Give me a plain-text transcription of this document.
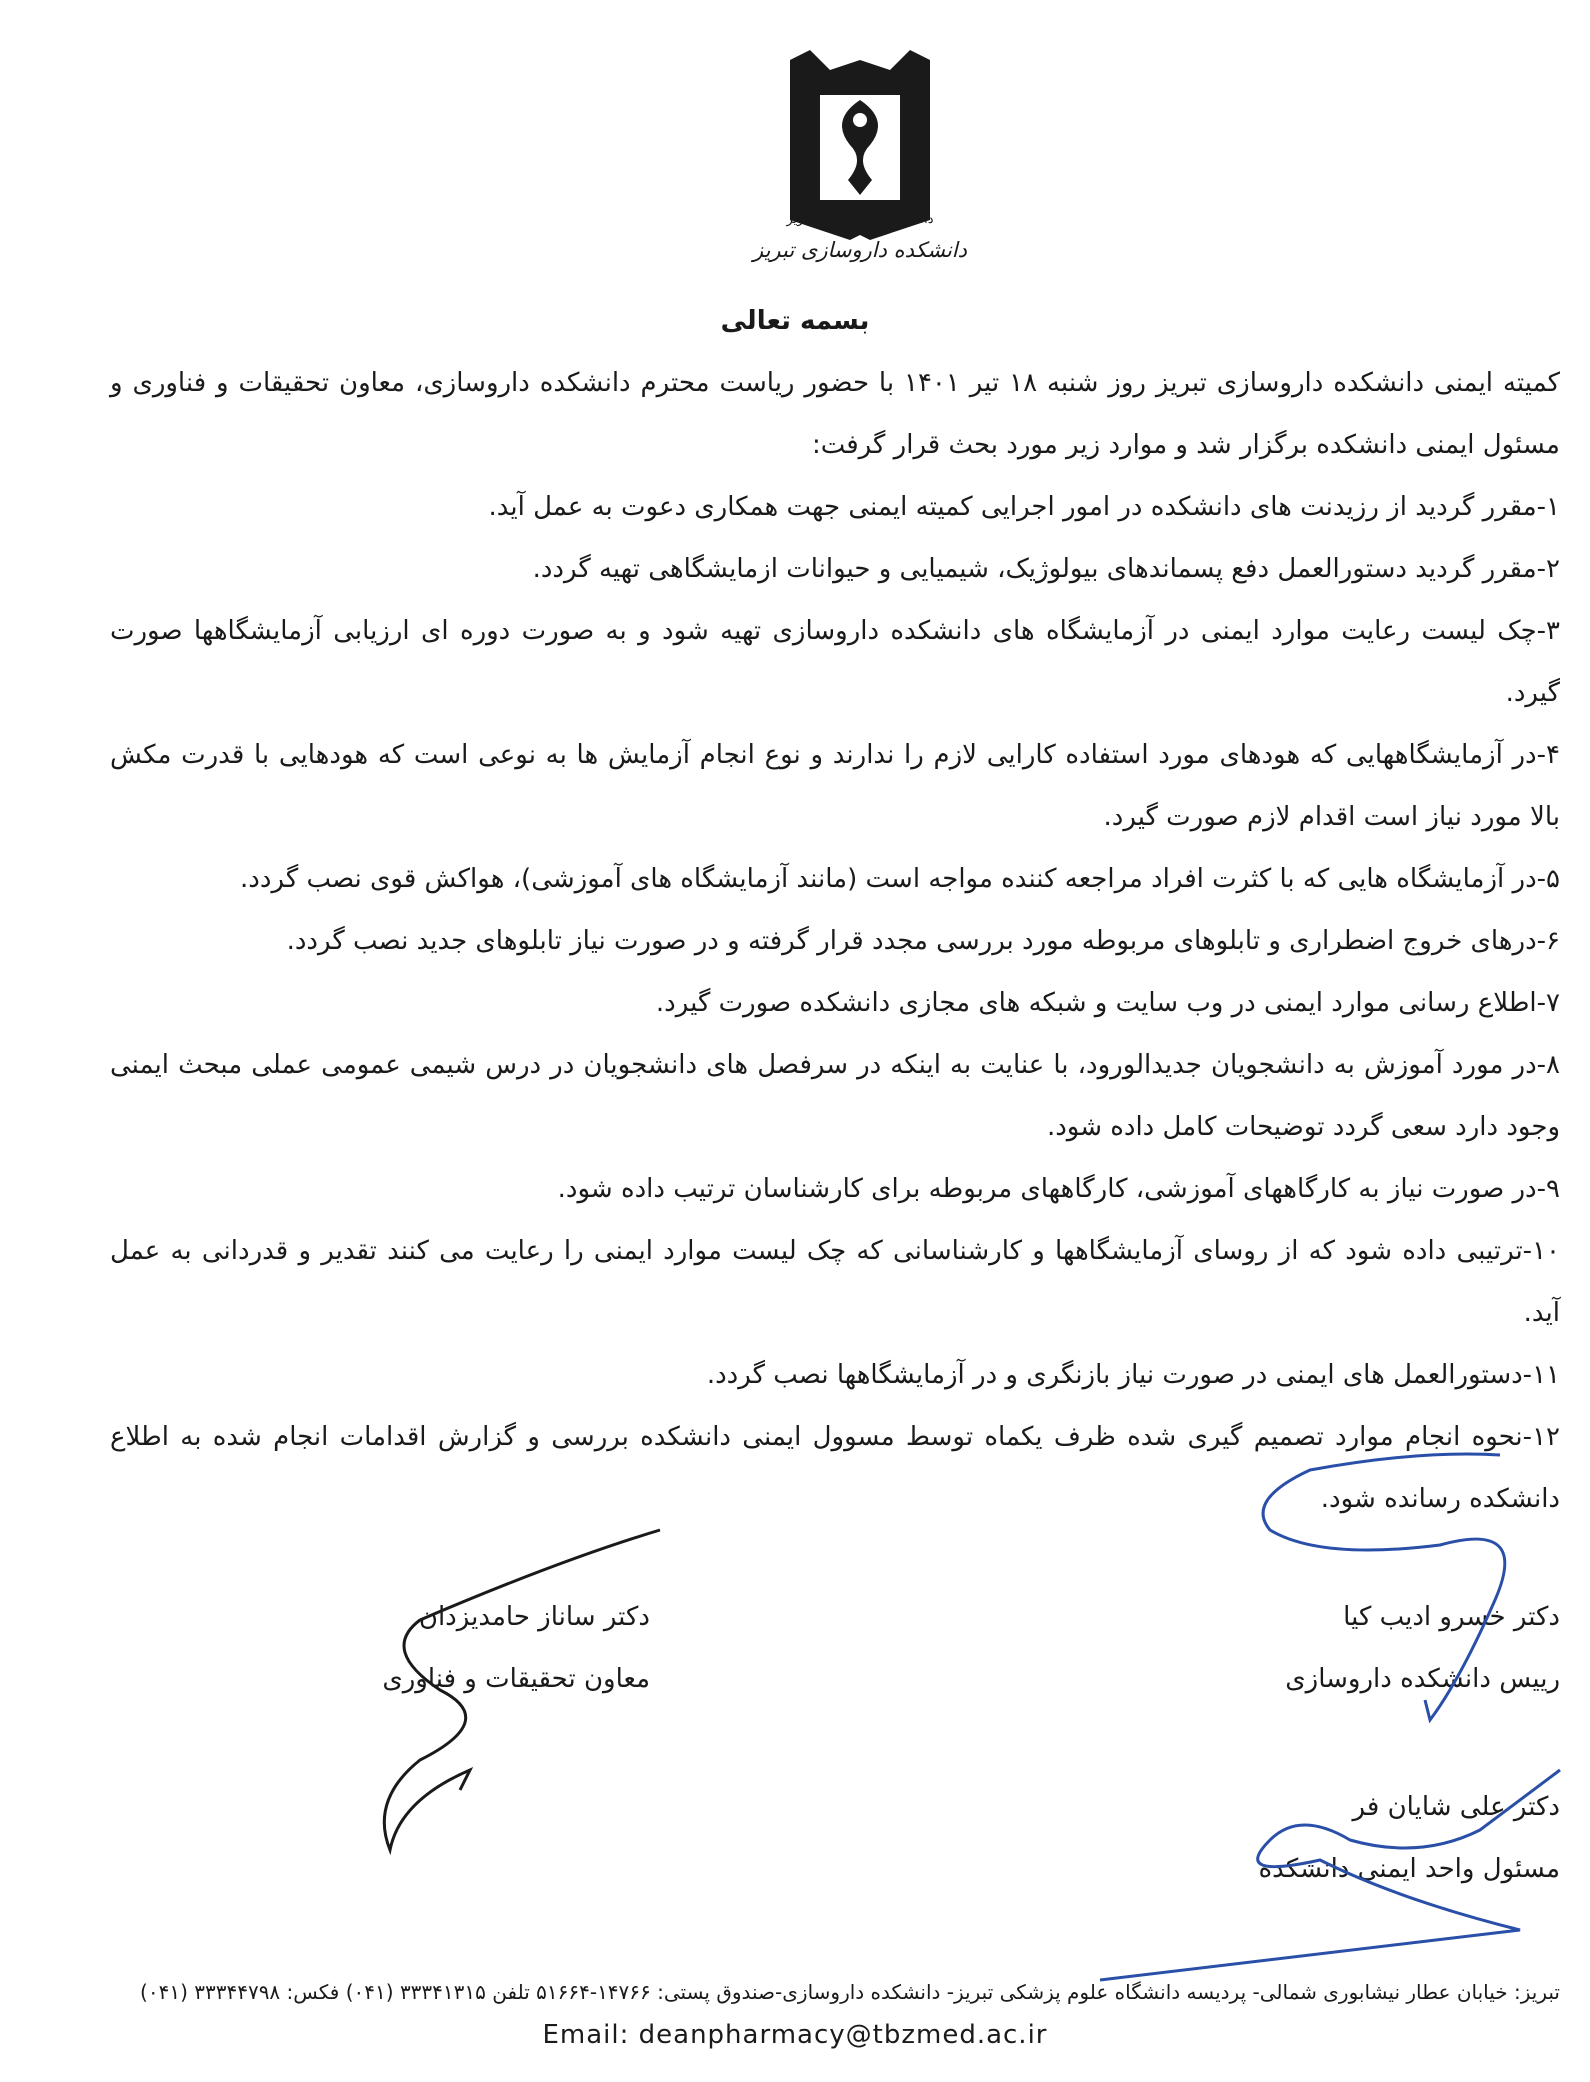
دانشگاه علوم پزشکی تبریز
دانشکده داروسازی تبریز
بسمه تعالی

کمیته ایمنی دانشکده داروسازی تبریز روز شنبه ۱۸ تیر ۱۴۰۱ با حضور ریاست محترم دانشکده داروسازی، معاون تحقیقات و فناوری و مسئول ایمنی دانشکده برگزار شد و موارد زیر مورد بحث قرار گرفت:

۱-مقرر گردید از رزیدنت های دانشکده در امور اجرایی کمیته ایمنی جهت همکاری دعوت به عمل آید.

۲-مقرر گردید دستورالعمل دفع پسماندهای بیولوژیک، شیمیایی و حیوانات ازمایشگاهی تهیه گردد.

۳-چک لیست رعایت موارد ایمنی در آزمایشگاه های دانشکده داروسازی تهیه شود و به صورت دوره ای ارزیابی آزمایشگاهها صورت گیرد.

۴-در آزمایشگاههایی که هودهای مورد استفاده کارایی لازم را ندارند و نوع انجام آزمایش ها به نوعی است که هودهایی با قدرت مکش بالا مورد نیاز است اقدام لازم صورت گیرد.

۵-در آزمایشگاه هایی که با کثرت افراد مراجعه کننده مواجه است (مانند آزمایشگاه های آموزشی)، هواکش قوی نصب گردد.

۶-درهای خروج اضطراری و تابلوهای مربوطه مورد بررسی مجدد قرار گرفته و در صورت نیاز تابلوهای جدید نصب گردد.

۷-اطلاع رسانی موارد ایمنی در وب سایت و شبکه های مجازی دانشکده صورت گیرد.

۸-در مورد آموزش به دانشجویان جدیدالورود، با عنایت به اینکه در سرفصل های دانشجویان در درس شیمی عمومی عملی مبحث ایمنی وجود دارد سعی گردد توضیحات کامل داده شود.

۹-در صورت نیاز به کارگاههای آموزشی، کارگاههای مربوطه برای کارشناسان ترتیب داده شود.

۱۰-ترتیبی داده شود که از روسای آزمایشگاهها و کارشناسانی که چک لیست موارد ایمنی را رعایت می کنند تقدیر و قدردانی به عمل آید.

۱۱-دستورالعمل های ایمنی در صورت نیاز بازنگری و در آزمایشگاهها نصب گردد.

۱۲-نحوه انجام موارد تصمیم گیری شده ظرف یکماه توسط مسوول ایمنی دانشکده بررسی و گزارش اقدامات انجام شده به اطلاع دانشکده رسانده شود.

دکتر خسرو ادیب کیا
رییس دانشکده داروسازی
دکتر ساناز حامدیزدان
معاون تحقیقات و فناوری
دکتر علی شایان فر
مسئول واحد ایمنی دانشکده
تبریز: خیابان عطار نیشابوری شمالی- پردیسه دانشگاه علوم پزشکی تبریز- دانشکده داروسازی-صندوق پستی: ۱۴۷۶۶-۵۱۶۶۴ تلفن ۳۳۳۴۱۳۱۵ (۰۴۱) فکس: ۳۳۳۴۴۷۹۸ (۰۴۱)
Email: deanpharmacy@tbzmed.ac.ir
